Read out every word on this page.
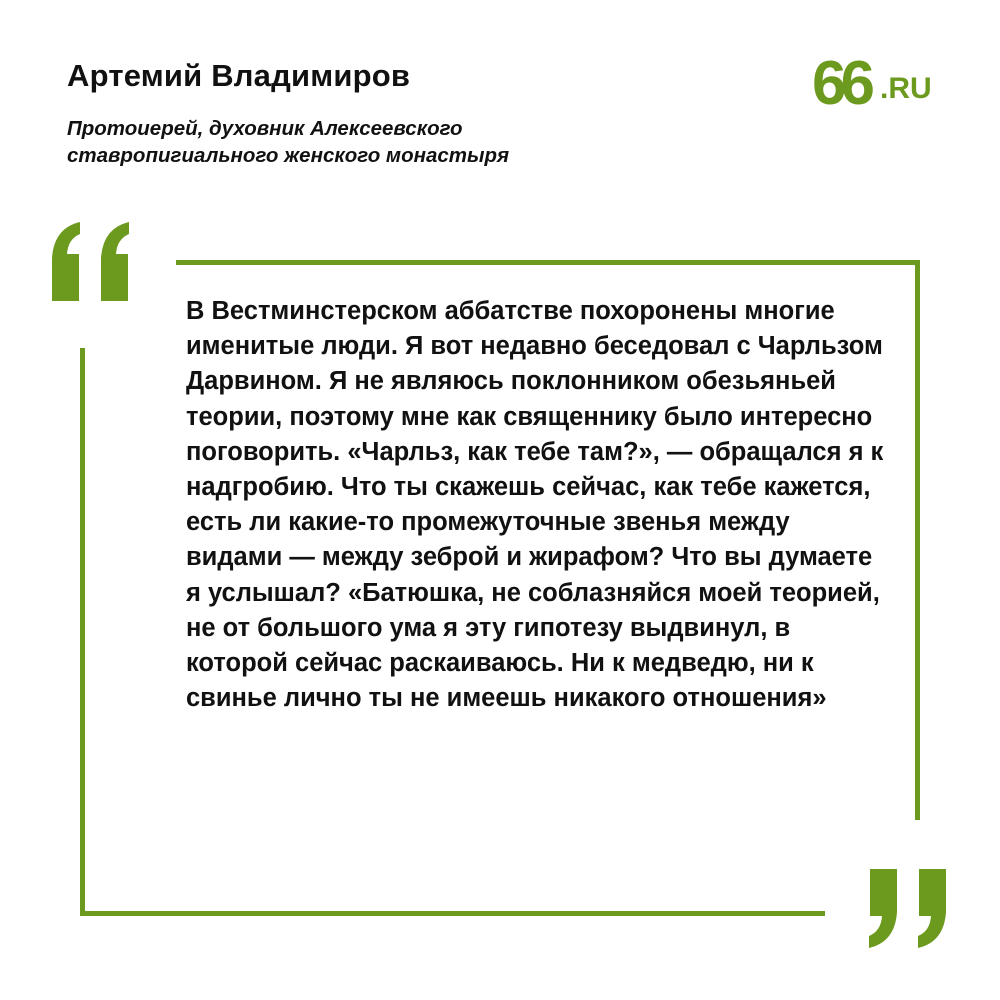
Артемий Владимиров

Протоиерей, духовник Алексеевского ставропигиального женского монастыря

66 .RU

В Вестминстерском аббатстве похоронены многие именитые люди. Я вот недавно беседовал с Чарльзом Дарвином. Я не являюсь поклонником обезьяньей теории, поэтому мне как священнику было интересно поговорить. «Чарльз, как тебе там?», — обращался я к надгробию. Что ты скажешь сейчас, как тебе кажется, есть ли какие-то промежуточные звенья между видами — между зеброй и жирафом? Что вы думаете я услышал? «Батюшка, не соблазняйся моей теорией, не от большого ума я эту гипотезу выдвинул, в которой сейчас раскаиваюсь. Ни к медведю, ни к свинье лично ты не имеешь никакого отношения»
